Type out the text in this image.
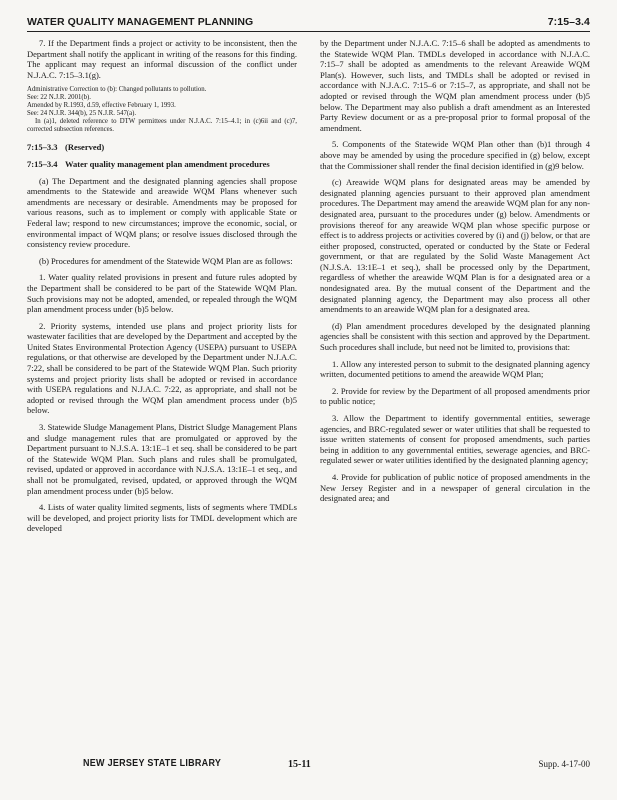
WATER QUALITY MANAGEMENT PLANNING	7:15–3.4

7. If the Department finds a project or activity to be inconsistent, then the Department shall notify the applicant in writing of the reasons for this finding. The applicant may request an informal discussion of the conflict under N.J.A.C. 7:15–3.1(g).

Administrative Correction to (b): Changed pollutants to pollution.

See: 22 N.J.R. 2001(b).

Amended by R.1993, d.59, effective February 1, 1993.

See: 24 N.J.R. 344(b), 25 N.J.R. 547(a).

In (a)1, deleted reference to DTW permittees under N.J.A.C. 7:15–4.1; in (c)6ii and (c)7, corrected subsection references.

7:15–3.3 (Reserved)
7:15–3.4 Water quality management plan amendment procedures

(a) The Department and the designated planning agencies shall propose amendments to the Statewide and areawide WQM Plans whenever such amendments are necessary or desirable. Amendments may be proposed for various reasons, such as to implement or comply with applicable State or Federal law; respond to new circumstances; improve the economic, social, or environmental impact of WQM plans; or resolve issues disclosed through the consistency review procedure.

(b) Procedures for amendment of the Statewide WQM Plan are as follows:

1. Water quality related provisions in present and future rules adopted by the Department shall be considered to be part of the Statewide WQM Plan. Such provisions may not be adopted, amended, or repealed through the WQM plan amendment process under (b)5 below.

2. Priority systems, intended use plans and project priority lists for wastewater facilities that are developed by the Department and accepted by the United States Environmental Protection Agency (USEPA) pursuant to USEPA regulations, or that otherwise are developed by the Department under N.J.A.C. 7:22, shall be considered to be part of the Statewide WQM Plan. Such priority systems and project priority lists shall be adopted or revised in accordance with USEPA regulations and N.J.A.C. 7:22, as appropriate, and shall not be adopted or revised through the WQM plan amendment process under (b)5 below.

3. Statewide Sludge Management Plans, District Sludge Management Plans and sludge management rules that are promulgated or approved by the Department pursuant to N.J.S.A. 13:1E–1 et seq. shall be considered to be part of the Statewide WQM Plan. Such plans and rules shall be promulgated, revised, updated or approved in accordance with N.J.S.A. 13:1E–1 et seq., and shall not be promulgated, revised, updated, or approved through the WQM plan amendment process under (b)5 below.

4. Lists of water quality limited segments, lists of segments where TMDLs will be developed, and project priority lists for TMDL development which are developed

by the Department under N.J.A.C. 7:15–6 shall be adopted as amendments to the Statewide WQM Plan. TMDLs developed in accordance with N.J.A.C. 7:15–7 shall be adopted as amendments to the relevant Areawide WQM Plan(s). However, such lists, and TMDLs shall be adopted or revised in accordance with N.J.A.C. 7:15–6 or 7:15–7, as appropriate, and shall not be adopted or revised through the WQM plan amendment process under (b)5 below. The Department may also publish a draft amendment as an Interested Party Review document or as a pre-proposal prior to formal proposal of the amendment.

5. Components of the Statewide WQM Plan other than (b)1 through 4 above may be amended by using the procedure specified in (g) below, except that the Commissioner shall render the final decision identified in (g)9 below.

(c) Areawide WQM plans for designated areas may be amended by designated planning agencies pursuant to their approved plan amendment procedures. The Department may amend the areawide WQM plan for any non-designated area, pursuant to the procedures under (g) below. Amendments or provisions thereof for any areawide WQM plan whose specific purpose or effect is to address projects or activities covered by (i) and (j) below, or that are either proposed, constructed, operated or conducted by the State or Federal government, or that are regulated by the Solid Waste Management Act (N.J.S.A. 13:1E–1 et seq.), shall be processed only by the Department, regardless of whether the areawide WQM Plan is for a designated area or a nondesignated area. By the mutual consent of the Department and the designated planning agency, the Department may also process all other amendments to an areawide WQM plan for a designated area.

(d) Plan amendment procedures developed by the designated planning agencies shall be consistent with this section and approved by the Department. Such procedures shall include, but need not be limited to, provisions that:

1. Allow any interested person to submit to the designated planning agency written, documented petitions to amend the areawide WQM Plan;

2. Provide for review by the Department of all proposed amendments prior to public notice;

3. Allow the Department to identify governmental entities, sewerage agencies, and BRC-regulated sewer or water utilities that shall be requested to issue written statements of consent for proposed amendments, such parties being in addition to any governmental entities, sewerage agencies, and BRC-regulated sewer or water utilities identified by the designated planning agency;

4. Provide for publication of public notice of proposed amendments in the New Jersey Register and in a newspaper of general circulation in the designated area; and

NEW JERSEY STATE LIBRARY	15-11	Supp. 4-17-00
